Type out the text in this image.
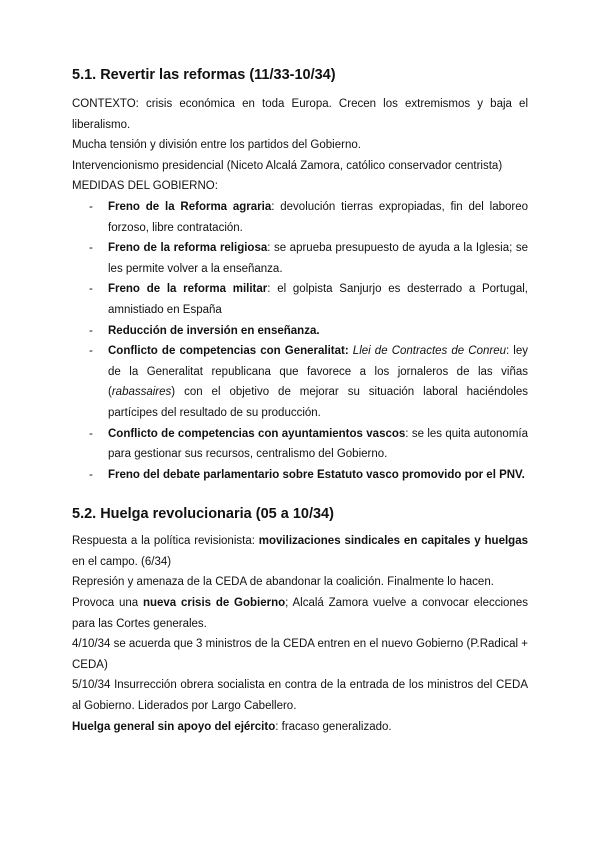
5.1. Revertir las reformas (11/33-10/34)

CONTEXTO: crisis económica en toda Europa. Crecen los extremismos y baja el liberalismo.

Mucha tensión y división entre los partidos del Gobierno.

Intervencionismo presidencial (Niceto Alcalá Zamora, católico conservador centrista)

MEDIDAS DEL GOBIERNO:

- Freno de la Reforma agraria: devolución tierras expropiadas, fin del laboreo forzoso, libre contratación.
- Freno de la reforma religiosa: se aprueba presupuesto de ayuda a la Iglesia; se les permite volver a la enseñanza.
- Freno de la reforma militar: el golpista Sanjurjo es desterrado a Portugal, amnistiado en España
- Reducción de inversión en enseñanza.
- Conflicto de competencias con Generalitat: Llei de Contractes de Conreu: ley de la Generalitat republicana que favorece a los jornaleros de las viñas (rabassaires) con el objetivo de mejorar su situación laboral haciéndoles partícipes del resultado de su producción.
- Conflicto de competencias con ayuntamientos vascos: se les quita autonomía para gestionar sus recursos, centralismo del Gobierno.
- Freno del debate parlamentario sobre Estatuto vasco promovido por el PNV.
5.2. Huelga revolucionaria (05 a 10/34)

Respuesta a la política revisionista: movilizaciones sindicales en capitales y huelgas en el campo. (6/34)

Represión y amenaza de la CEDA de abandonar la coalición. Finalmente lo hacen.

Provoca una nueva crisis de Gobierno; Alcalá Zamora vuelve a convocar elecciones para las Cortes generales.

4/10/34 se acuerda que 3 ministros de la CEDA entren en el nuevo Gobierno (P.Radical + CEDA)

5/10/34 Insurrección obrera socialista en contra de la entrada de los ministros del CEDA al Gobierno. Liderados por Largo Cabellero.

Huelga general sin apoyo del ejército: fracaso generalizado.
